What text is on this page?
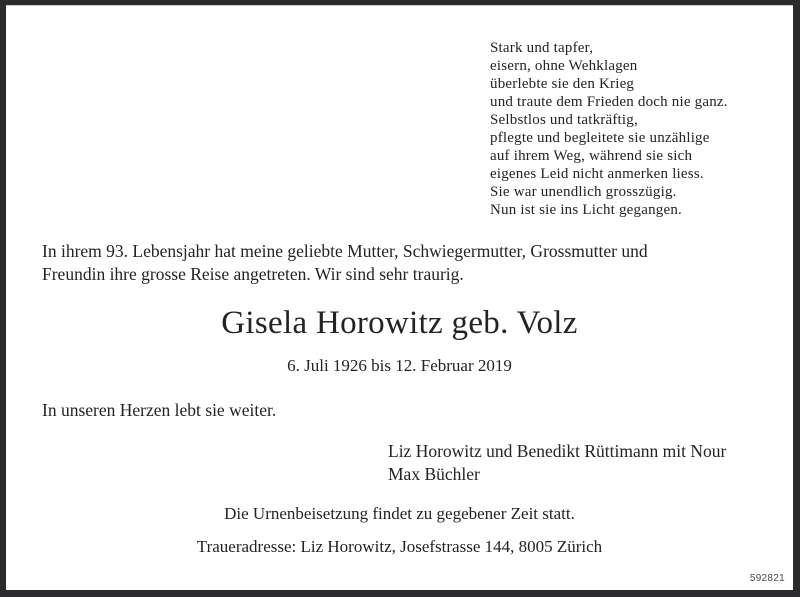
Stark und tapfer,
eisern, ohne Wehklagen
überlebte sie den Krieg
und traute dem Frieden doch nie ganz.
Selbstlos und tatkräftig,
pflegte und begleitete sie unzählige
auf ihrem Weg, während sie sich
eigenes Leid nicht anmerken liess.
Sie war unendlich grosszügig.
Nun ist sie ins Licht gegangen.
In ihrem 93. Lebensjahr hat meine geliebte Mutter, Schwiegermutter, Grossmutter und
Freundin ihre grosse Reise angetreten. Wir sind sehr traurig.
Gisela Horowitz geb. Volz
6. Juli 1926 bis 12. Februar 2019
In unseren Herzen lebt sie weiter.
Liz Horowitz und Benedikt Rüttimann mit Nour
Max Büchler
Die Urnenbeisetzung findet zu gegebener Zeit statt.
Traueradresse: Liz Horowitz, Josefstrasse 144, 8005 Zürich
592821
